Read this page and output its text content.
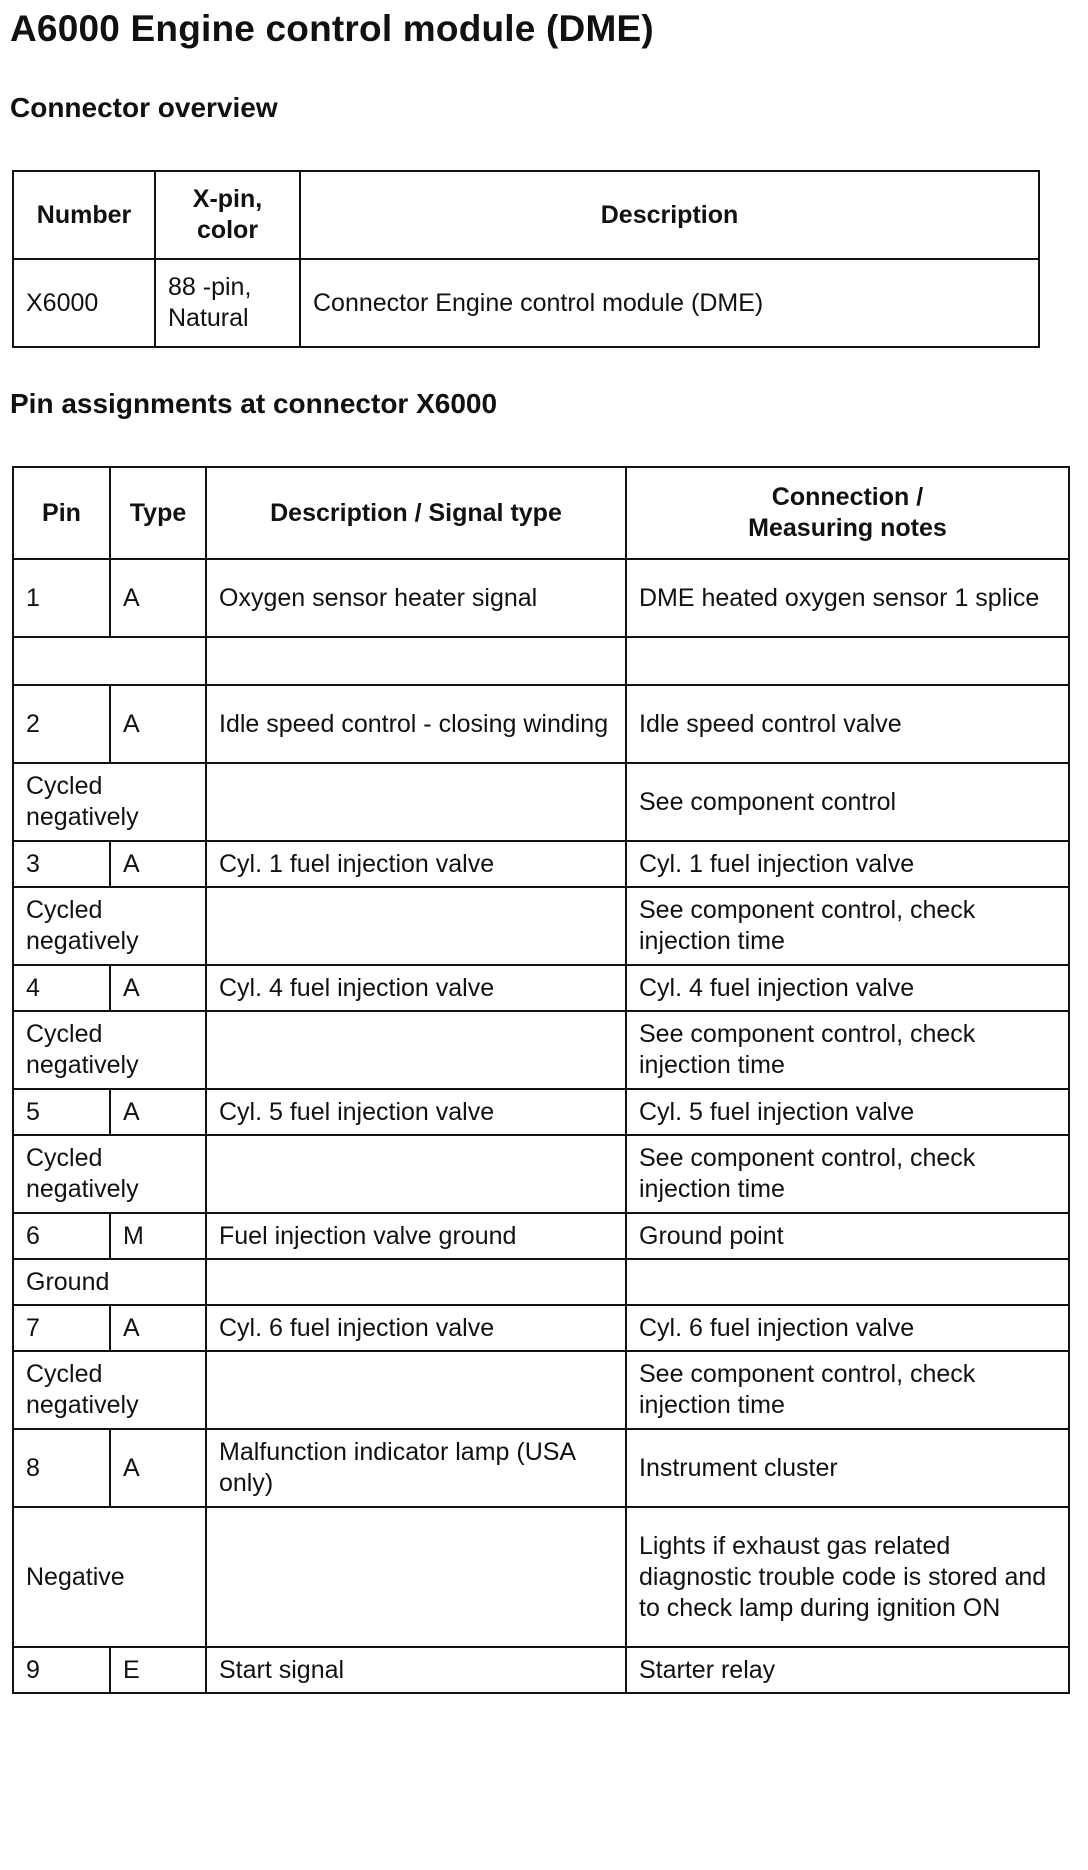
A6000 Engine control module (DME)
Connector overview
Number	X-pin, color	Description
X6000	88 -pin, Natural	Connector Engine control module (DME)
Pin assignments at connector X6000
Pin	Type	Description / Signal type	Connection /
Measuring notes

1	A	Oxygen sensor heater signal	DME heated oxygen sensor 1 splice

2	A	Idle speed control - closing winding	Idle speed control valve
Cycled negatively			See component control
3	A	Cyl. 1 fuel injection valve	Cyl. 1 fuel injection valve
Cycled negatively			See component control, check injection time
4	A	Cyl. 4 fuel injection valve	Cyl. 4 fuel injection valve
Cycled negatively			See component control, check injection time
5	A	Cyl. 5 fuel injection valve	Cyl. 5 fuel injection valve
Cycled negatively			See component control, check injection time
6	M	Fuel injection valve ground	Ground point
Ground			
7	A	Cyl. 6 fuel injection valve	Cyl. 6 fuel injection valve
Cycled negatively			See component control, check injection time
8	A	Malfunction indicator lamp (USA only)	Instrument cluster
Negative			Lights if exhaust gas related diagnostic trouble code is stored and to check lamp during ignition ON
9	E	Start signal	Starter relay
